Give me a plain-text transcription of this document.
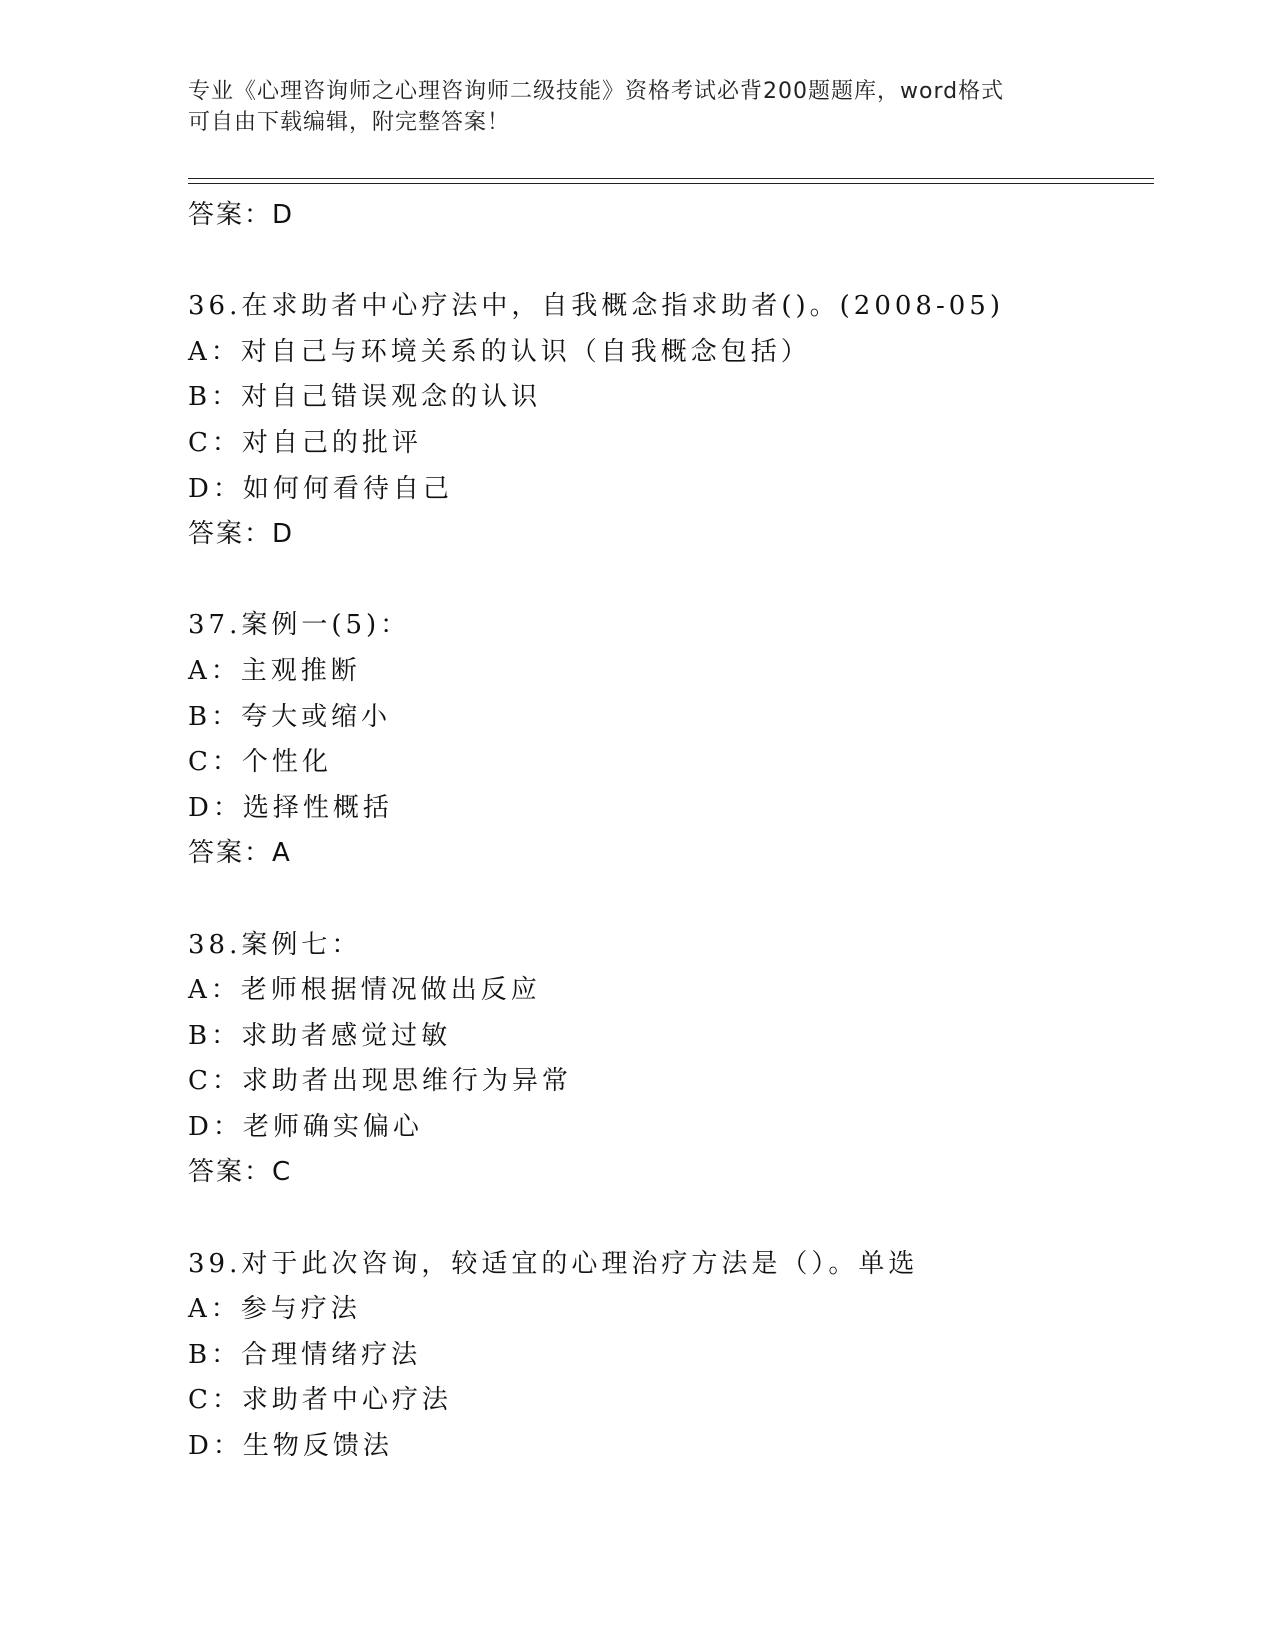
专业《心理咨询师之心理咨询师二级技能》资格考试必背200题题库，word格式
可自由下载编辑，附完整答案！
答案：D
36.在求助者中心疗法中，自我概念指求助者()。(2008-05)
A：对自己与环境关系的认识（自我概念包括）
B：对自己错误观念的认识
C：对自己的批评
D：如何何看待自己
答案：D
37.案例一(5)：
A：主观推断
B：夸大或缩小
C：个性化
D：选择性概括
答案：A
38.案例七：
A：老师根据情况做出反应
B：求助者感觉过敏
C：求助者出现思维行为异常
D：老师确实偏心
答案：C
39.对于此次咨询，较适宜的心理治疗方法是（）。单选
A：参与疗法
B：合理情绪疗法
C：求助者中心疗法
D：生物反馈法
